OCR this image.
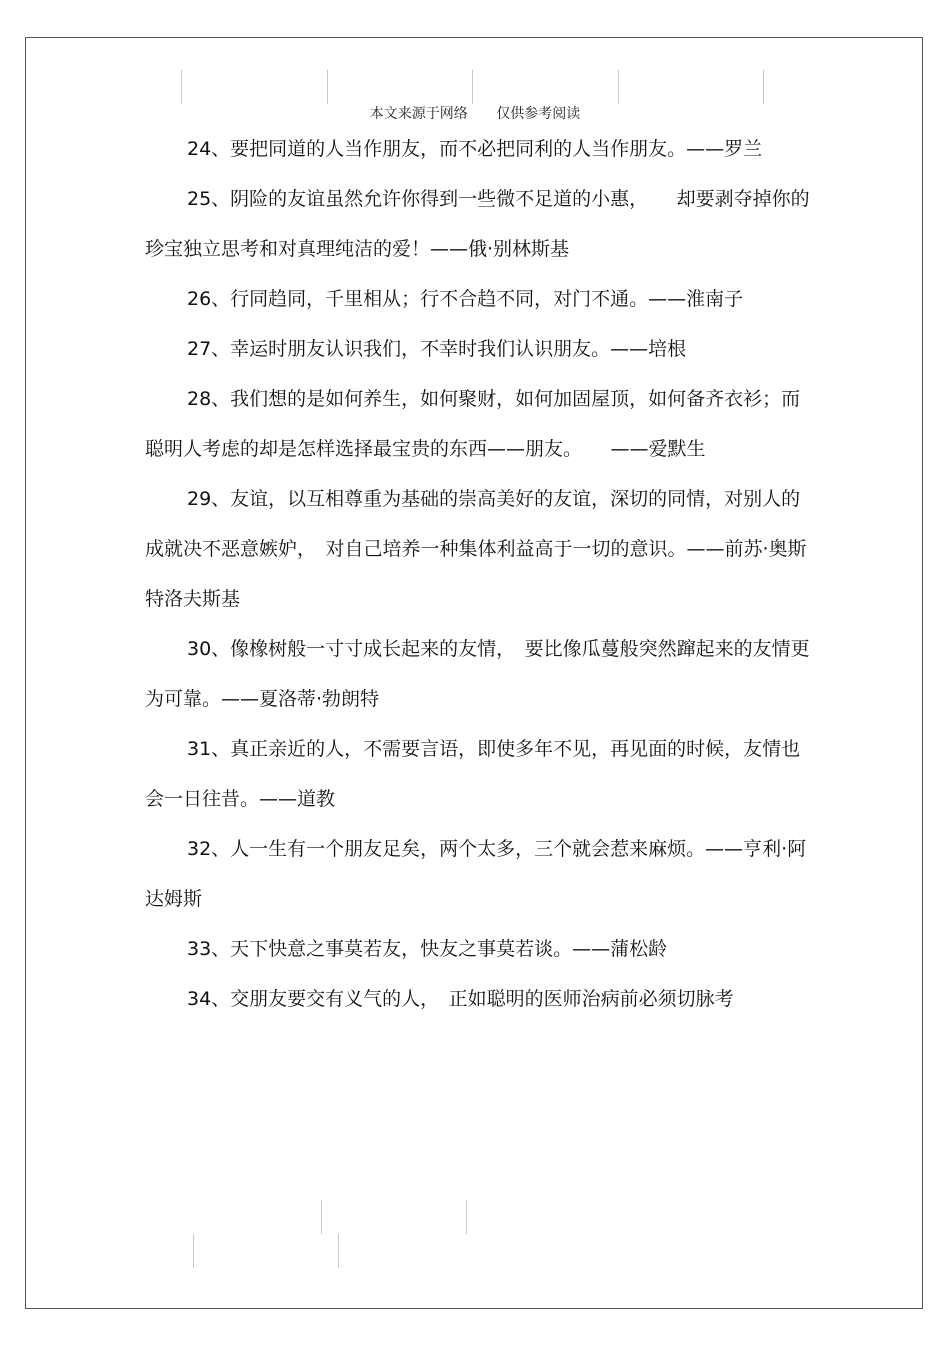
本文来源于网络 仅供参考阅读

24、要把同道的人当作朋友，而不必把同利的人当作朋友。——罗兰

25、阴险的友谊虽然允许你得到一些微不足道的小惠，　　却要剥夺掉你的珍宝独立思考和对真理纯洁的爱！——俄·别林斯基

26、行同趋同，千里相从；行不合趋不同，对门不通。——淮南子

27、幸运时朋友认识我们，不幸时我们认识朋友。——培根

28、我们想的是如何养生，如何聚财，如何加固屋顶，如何备齐衣衫；而聪明人考虑的却是怎样选择最宝贵的东西——朋友。　　——爱默生

29、友谊，以互相尊重为基础的崇高美好的友谊，深切的同情，对别人的成就决不恶意嫉妒，　对自己培养一种集体利益高于一切的意识。——前苏·奥斯特洛夫斯基

30、像橡树般一寸寸成长起来的友情，　要比像瓜蔓般突然蹿起来的友情更为可靠。——夏洛蒂·勃朗特

31、真正亲近的人，不需要言语，即使多年不见，再见面的时候，友情也会一日往昔。——道教

32、人一生有一个朋友足矣，两个太多，三个就会惹来麻烦。——亨利·阿达姆斯

33、天下快意之事莫若友，快友之事莫若谈。——蒲松龄

34、交朋友要交有义气的人，　正如聪明的医师治病前必须切脉考
